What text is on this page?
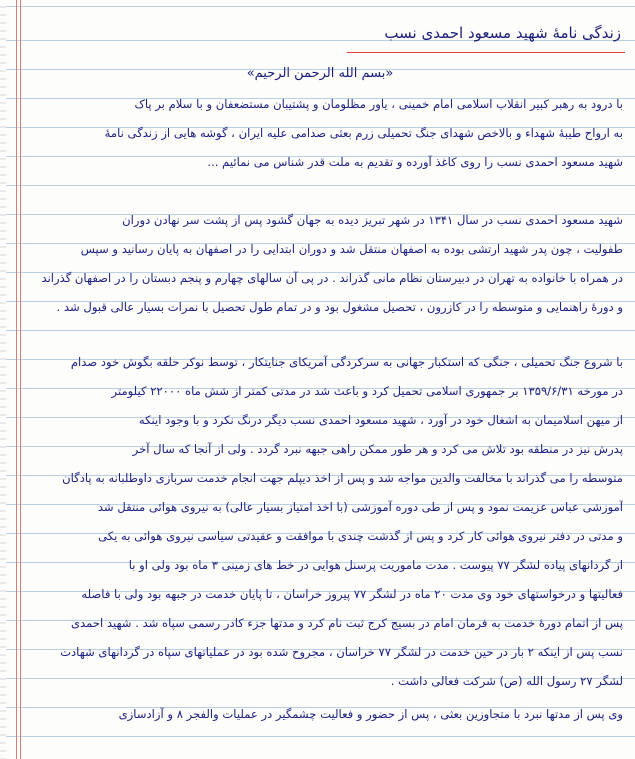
زندگی نامهٔ شهید مسعود احمدی نسب
«بسم الله الرحمن الرحیم»
با درود به رهبر کبیر انقلاب اسلامی امام خمینی ، یاور مظلومان و پشتیبان مستضعفان و با سلام بر پاک
به ارواح طیبهٔ شهداء و بالاخص شهدای جنگ تحمیلی زرم بعثی صدامی علیه ایران ، گوشه هایی از زندگی نامهٔ
شهید مسعود احمدی نسب را روی کاغذ آورده و تقدیم به ملت قدر شناس می نمائیم ...
شهید مسعود احمدی نسب در سال ۱۳۴۱ در شهر تبریز دیده به جهان گشود پس از پشت سر نهادن دوران
طفولیت ، چون پدر شهید ارتشی بوده به اصفهان منتقل شد و دوران ابتدایی را در اصفهان به پایان رسانید و سپس
در همراه با خانواده به تهران در دبیرستان نظام مانی گذراند . در پی آن سالهای چهارم و پنجم دبستان را در اصفهان گذراند
و دورهٔ راهنمایی و متوسطه را در کازرون ، تحصیل مشغول بود و در تمام طول تحصیل با نمرات بسیار عالی قبول شد .
با شروع جنگ تحمیلی ، جنگی که استکبار جهانی به سرکردگی آمریکای جنایتکار ، توسط نوکر حلقه بگوش خود صدام
در مورخه ۱۳۵۹/۶/۳۱ بر جمهوری اسلامی تحمیل کرد و باعث شد در مدتی کمتر از شش ماه ۲۲۰۰۰ کیلومتر
از میهن اسلامیمان به اشغال خود در آورد ، شهید مسعود احمدی نسب دیگر درنگ نکرد و با وجود اینکه
پدرش نیز در منطقه بود تلاش می کرد و هر طور ممکن راهی جبهه نبرد گردد . ولی از آنجا که سال آخر
متوسطه را می گذراند با مخالفت والدین مواجه شد و پس از اخذ دیپلم جهت انجام خدمت سربازی داوطلبانه به پادگان
آموزشی عباس عزیمت نمود و پس از طی دوره آموزشی (با اخذ امتیاز بسیار عالی) به نیروی هوائی منتقل شد
و مدتی در دفتر نیروی هوائی کار کرد و پس از گذشت چندی با موافقت و عقیدتی سیاسی نیروی هوائی به یکی
از گردانهای پیاده لشگر ۷۷ پیوست . مدت ماموریت پرسنل هوایی در خط های زمینی ۳ ماه بود ولی او با
فعالیتها و درخواستهای خود وی مدت ۲۰ ماه در لشگر ۷۷ پیروز خراسان ، تا پایان خدمت در جبهه بود ولی با فاصله
پس از اتمام دورهٔ خدمت به فرمان امام در بسیج کرج ثبت نام کرد و مدتها جزء کادر رسمی سپاه شد . شهید احمدی
نسب پس از اینکه ۲ بار در حین خدمت در لشگر ۷۷ خراسان ، مجروح شده بود در عملیاتهای سپاه در گردانهای شهادت
لشگر ۲۷ رسول الله (ص) شرکت فعالی داشت .
وی پس از مدتها نبرد با متجاوزین بعثی ، پس از حضور و فعالیت چشمگیر در عملیات والفجر ۸ و آزادسازی
